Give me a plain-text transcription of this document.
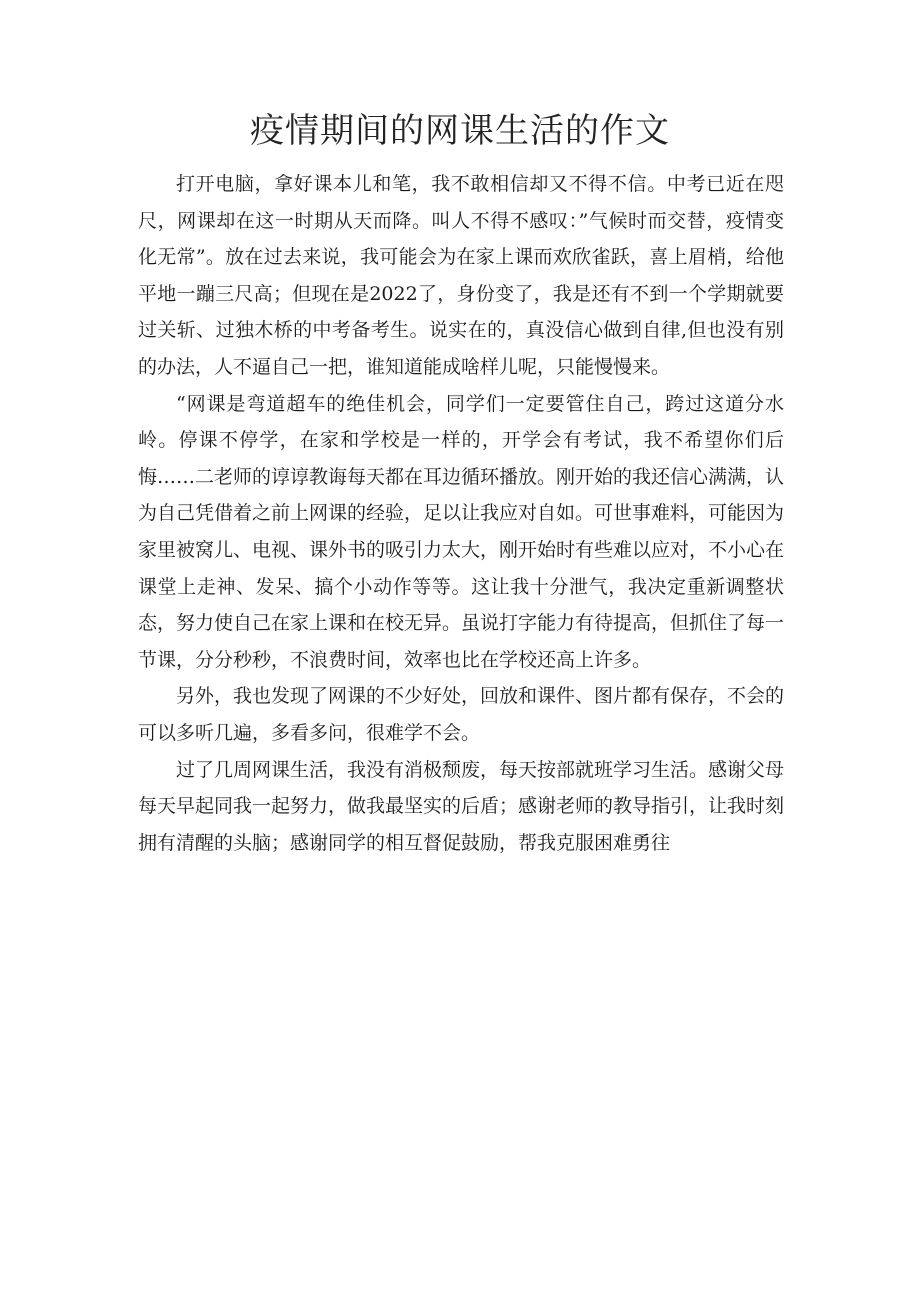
疫情期间的网课生活的作文

打开电脑，拿好课本儿和笔，我不敢相信却又不得不信。中考已近在咫尺，网课却在这一时期从天而降。叫人不得不感叹：”气候时而交替，疫情变化无常”。放在过去来说，我可能会为在家上课而欢欣雀跃，喜上眉梢，给他平地一蹦三尺高；但现在是2022了，身份变了，我是还有不到一个学期就要过关斩、过独木桥的中考备考生。说实在的，真没信心做到自律,但也没有别的办法，人不逼自己一把，谁知道能成啥样儿呢，只能慢慢来。

“网课是弯道超车的绝佳机会，同学们一定要管住自己，跨过这道分水岭。停课不停学，在家和学校是一样的，开学会有考试，我不希望你们后悔……二老师的谆谆教诲每天都在耳边循环播放。刚开始的我还信心满满，认为自己凭借着之前上网课的经验，足以让我应对自如。可世事难料，可能因为家里被窝儿、电视、课外书的吸引力太大，刚开始时有些难以应对，不小心在课堂上走神、发呆、搞个小动作等等。这让我十分泄气，我决定重新调整状态，努力使自己在家上课和在校无异。虽说打字能力有待提高，但抓住了每一节课，分分秒秒，不浪费时间，效率也比在学校还高上许多。

另外，我也发现了网课的不少好处，回放和课件、图片都有保存，不会的可以多听几遍，多看多问，很难学不会。

过了几周网课生活，我没有消极颓废，每天按部就班学习生活。感谢父母每天早起同我一起努力，做我最坚实的后盾；感谢老师的教导指引，让我时刻拥有清醒的头脑；感谢同学的相互督促鼓励，帮我克服困难勇往
